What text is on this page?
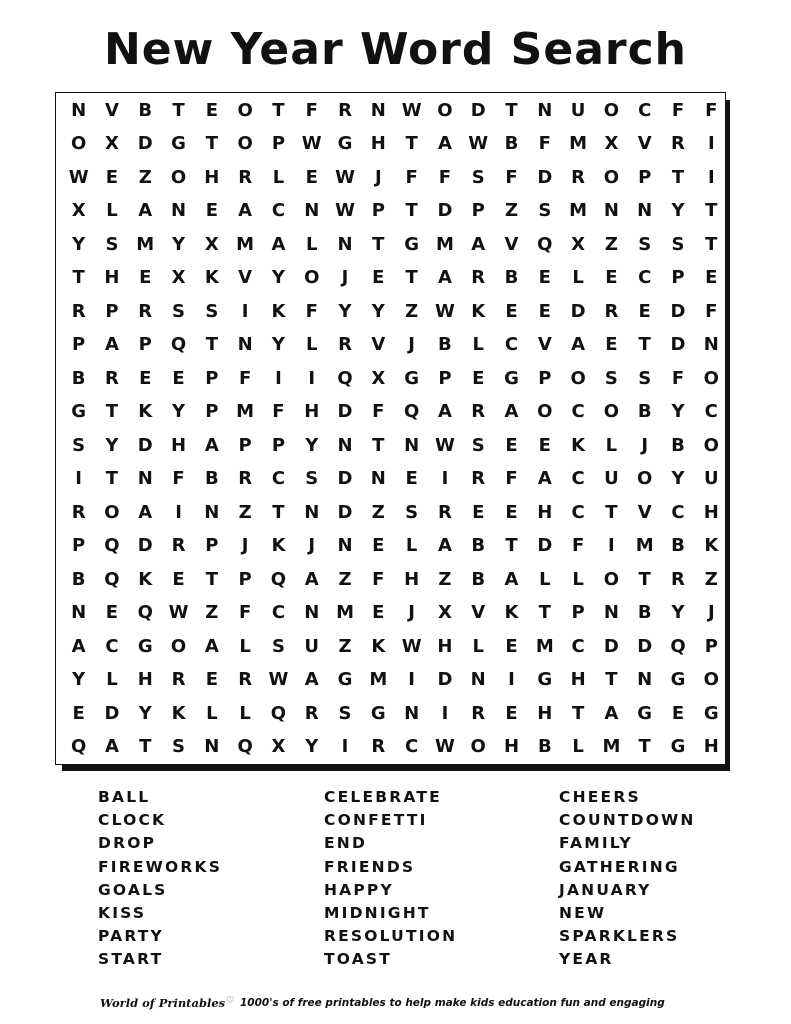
New Year Word Search
N	V	B	T	E	O	T	F	R	N W O	D	T	N	U	O	C	F	F
O	X	D	G	T	O	P W G	H	T	A W B	F	M X	V	R	I
W E	Z	O	H	R	L	E W	J	F	F	S	F	D	R	O	P	T	I
X	L	A	N	E	A	C	N W P	T	D	P	Z	S M N	N	Y	T
Y	S M Y	X M A	L	N	T	G M A	V	Q	X	Z	S	S	T
T	H	E	X	K	V	Y	O	J	E	T	A	R	B	E	L	E	C	P	E
R	P	R	S	S	I	K	F	Y	Y	Z W K	E	E	D	R	E	D	F
P	A	P	Q	T	N	Y	L	R	V	J	B	L	C	V	A	E	T	D	N
B	R	E	E	P	F	I	I	Q	X	G	P	E	G	P	O	S	S	F	O
G	T	K	Y	P M	F	H	D	F	Q	A	R	A	O	C	O	B	Y	C
S	Y	D	H	A	P	P	Y	N	T	N W S	E	E	K	L	J	B	O
I	T	N	F	B	R	C	S	D	N	E	I	R	F	A	C	U	O	Y	U
R	O	A	I	N	Z	T	N	D	Z	S	R	E	E	H	C	T	V	C	H
P	Q	D	R	P	J	K	J	N	E	L	A	B	T	D	F	I	M B	K
B	Q	K	E	T	P	Q	A	Z	F	H	Z	B	A	L	L	O	T	R	Z
N	E	Q W Z	F	C	N M	E	J	X	V	K	T	P	N	B	Y	J
A	C	G	O	A	L	S	U	Z	K W H	L	E	M C	D	D	Q	P
Y	L	H	R	E	R W A	G M	I	D	N	I	G	H	T	N	G	O
E	D	Y	K	L	L	Q	R	S	G	N	I	R	E	H	T	A	G	E	G
Q	A	T	S	N	Q	X	Y	I	R	C W O	H	B	L	M	T	G	H
BALL
CLOCK
DROP
FIREWORKS
GOALS
KISS
PARTY
START
CELEBRATE
CONFETTI
END
FRIENDS
HAPPY
MIDNIGHT
RESOLUTION
TOAST
CHEERS
COUNTDOWN
FAMILY
GATHERING
JANUARY
NEW
SPARKLERS
YEAR
World of Printables♡ 1000's of free printables to help make kids education fun and engaging
